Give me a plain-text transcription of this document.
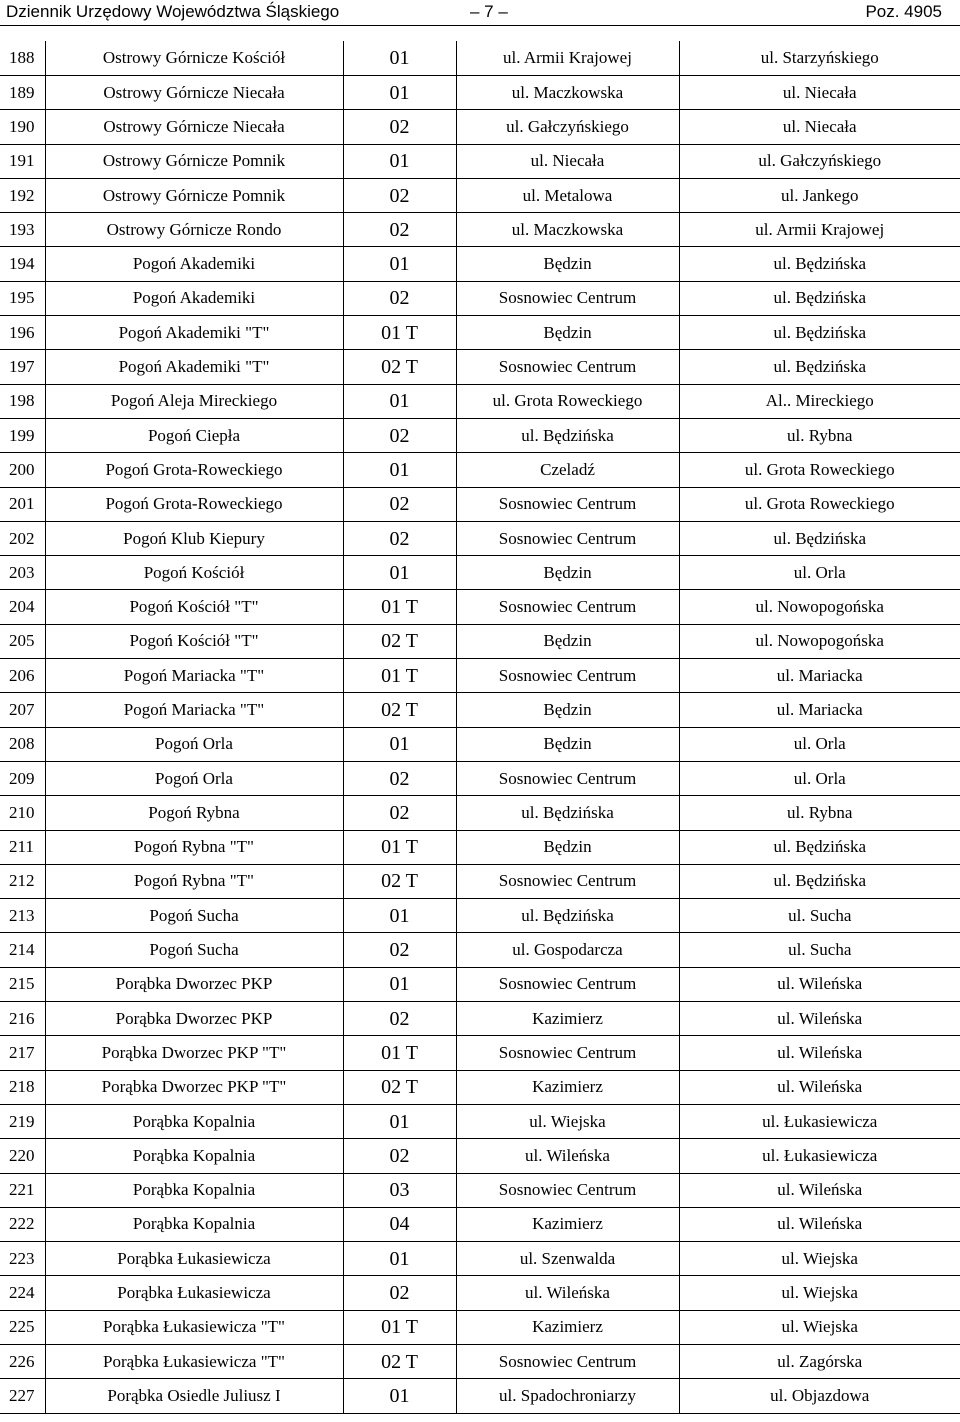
Dziennik Urzędowy Województwa Śląskiego	– 7 –	Poz. 4905
188	Ostrowy Górnicze Kościół	01	ul. Armii Krajowej	ul. Starzyńskiego
189	Ostrowy Górnicze Niecała	01	ul. Maczkowska	ul. Niecała
190	Ostrowy Górnicze Niecała	02	ul. Gałczyńskiego	ul. Niecała
191	Ostrowy Górnicze Pomnik	01	ul. Niecała	ul. Gałczyńskiego
192	Ostrowy Górnicze Pomnik	02	ul. Metalowa	ul. Jankego
193	Ostrowy Górnicze Rondo	02	ul. Maczkowska	ul. Armii Krajowej
194	Pogoń Akademiki	01	Będzin	ul. Będzińska
195	Pogoń Akademiki	02	Sosnowiec Centrum	ul. Będzińska
196	Pogoń Akademiki "T"	01 T	Będzin	ul. Będzińska
197	Pogoń Akademiki "T"	02 T	Sosnowiec Centrum	ul. Będzińska
198	Pogoń Aleja Mireckiego	01	ul. Grota Roweckiego	Al.. Mireckiego
199	Pogoń Ciepła	02	ul. Będzińska	ul. Rybna
200	Pogoń Grota-Roweckiego	01	Czeladź	ul. Grota Roweckiego
201	Pogoń Grota-Roweckiego	02	Sosnowiec Centrum	ul. Grota Roweckiego
202	Pogoń Klub Kiepury	02	Sosnowiec Centrum	ul. Będzińska
203	Pogoń Kościół	01	Będzin	ul. Orla
204	Pogoń Kościół "T"	01 T	Sosnowiec Centrum	ul. Nowopogońska
205	Pogoń Kościół "T"	02 T	Będzin	ul. Nowopogońska
206	Pogoń Mariacka "T"	01 T	Sosnowiec Centrum	ul. Mariacka
207	Pogoń Mariacka "T"	02 T	Będzin	ul. Mariacka
208	Pogoń Orla	01	Będzin	ul. Orla
209	Pogoń Orla	02	Sosnowiec Centrum	ul. Orla
210	Pogoń Rybna	02	ul. Będzińska	ul. Rybna
211	Pogoń Rybna "T"	01 T	Będzin	ul. Będzińska
212	Pogoń Rybna "T"	02 T	Sosnowiec Centrum	ul. Będzińska
213	Pogoń Sucha	01	ul. Będzińska	ul. Sucha
214	Pogoń Sucha	02	ul. Gospodarcza	ul. Sucha
215	Porąbka Dworzec PKP	01	Sosnowiec Centrum	ul. Wileńska
216	Porąbka Dworzec PKP	02	Kazimierz	ul. Wileńska
217	Porąbka Dworzec PKP "T"	01 T	Sosnowiec Centrum	ul. Wileńska
218	Porąbka Dworzec PKP "T"	02 T	Kazimierz	ul. Wileńska
219	Porąbka Kopalnia	01	ul. Wiejska	ul. Łukasiewicza
220	Porąbka Kopalnia	02	ul. Wileńska	ul. Łukasiewicza
221	Porąbka Kopalnia	03	Sosnowiec Centrum	ul. Wileńska
222	Porąbka Kopalnia	04	Kazimierz	ul. Wileńska
223	Porąbka Łukasiewicza	01	ul. Szenwalda	ul. Wiejska
224	Porąbka Łukasiewicza	02	ul. Wileńska	ul. Wiejska
225	Porąbka Łukasiewicza "T"	01 T	Kazimierz	ul. Wiejska
226	Porąbka Łukasiewicza "T"	02 T	Sosnowiec Centrum	ul. Zagórska
227	Porąbka Osiedle Juliusz I	01	ul. Spadochroniarzy	ul. Objazdowa
